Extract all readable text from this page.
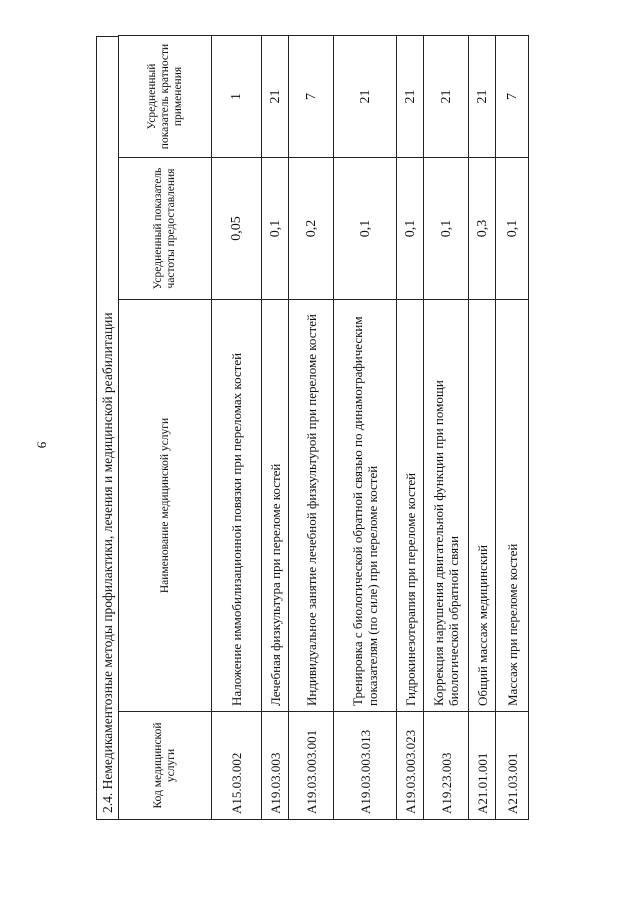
9	2.4. Немедикаментозные методы профилактики, лечения и медицинской реабилитации	Код медицинской услуги	Наименование медицинской услуги	Усредненный показатель частоты предоставления	Усредненный показатель кратности применения
A15.03.002	Наложение иммобилизационной повязки при переломах костей	0,05	1
A19.03.003	Лечебная физкультура при переломе костей	0,1	21
A19.03.003.001	Индивидуальное занятие лечебной физкультурой при переломе костей	0,2	7
A19.03.003.013	Тренировка с биологической обратной связью по динамографическим показателям (по силе) при переломе костей	0,1	21
A19.03.003.023	Гидрокинезотерапия при переломе костей	0,1	21
A19.23.003	Коррекция нарушения двигательной функции при помощи биологической обратной связи	0,1	21
A21.01.001	Общий массаж медицинский	0,3	21
A21.03.001	Массаж при переломе костей	0,1	7
